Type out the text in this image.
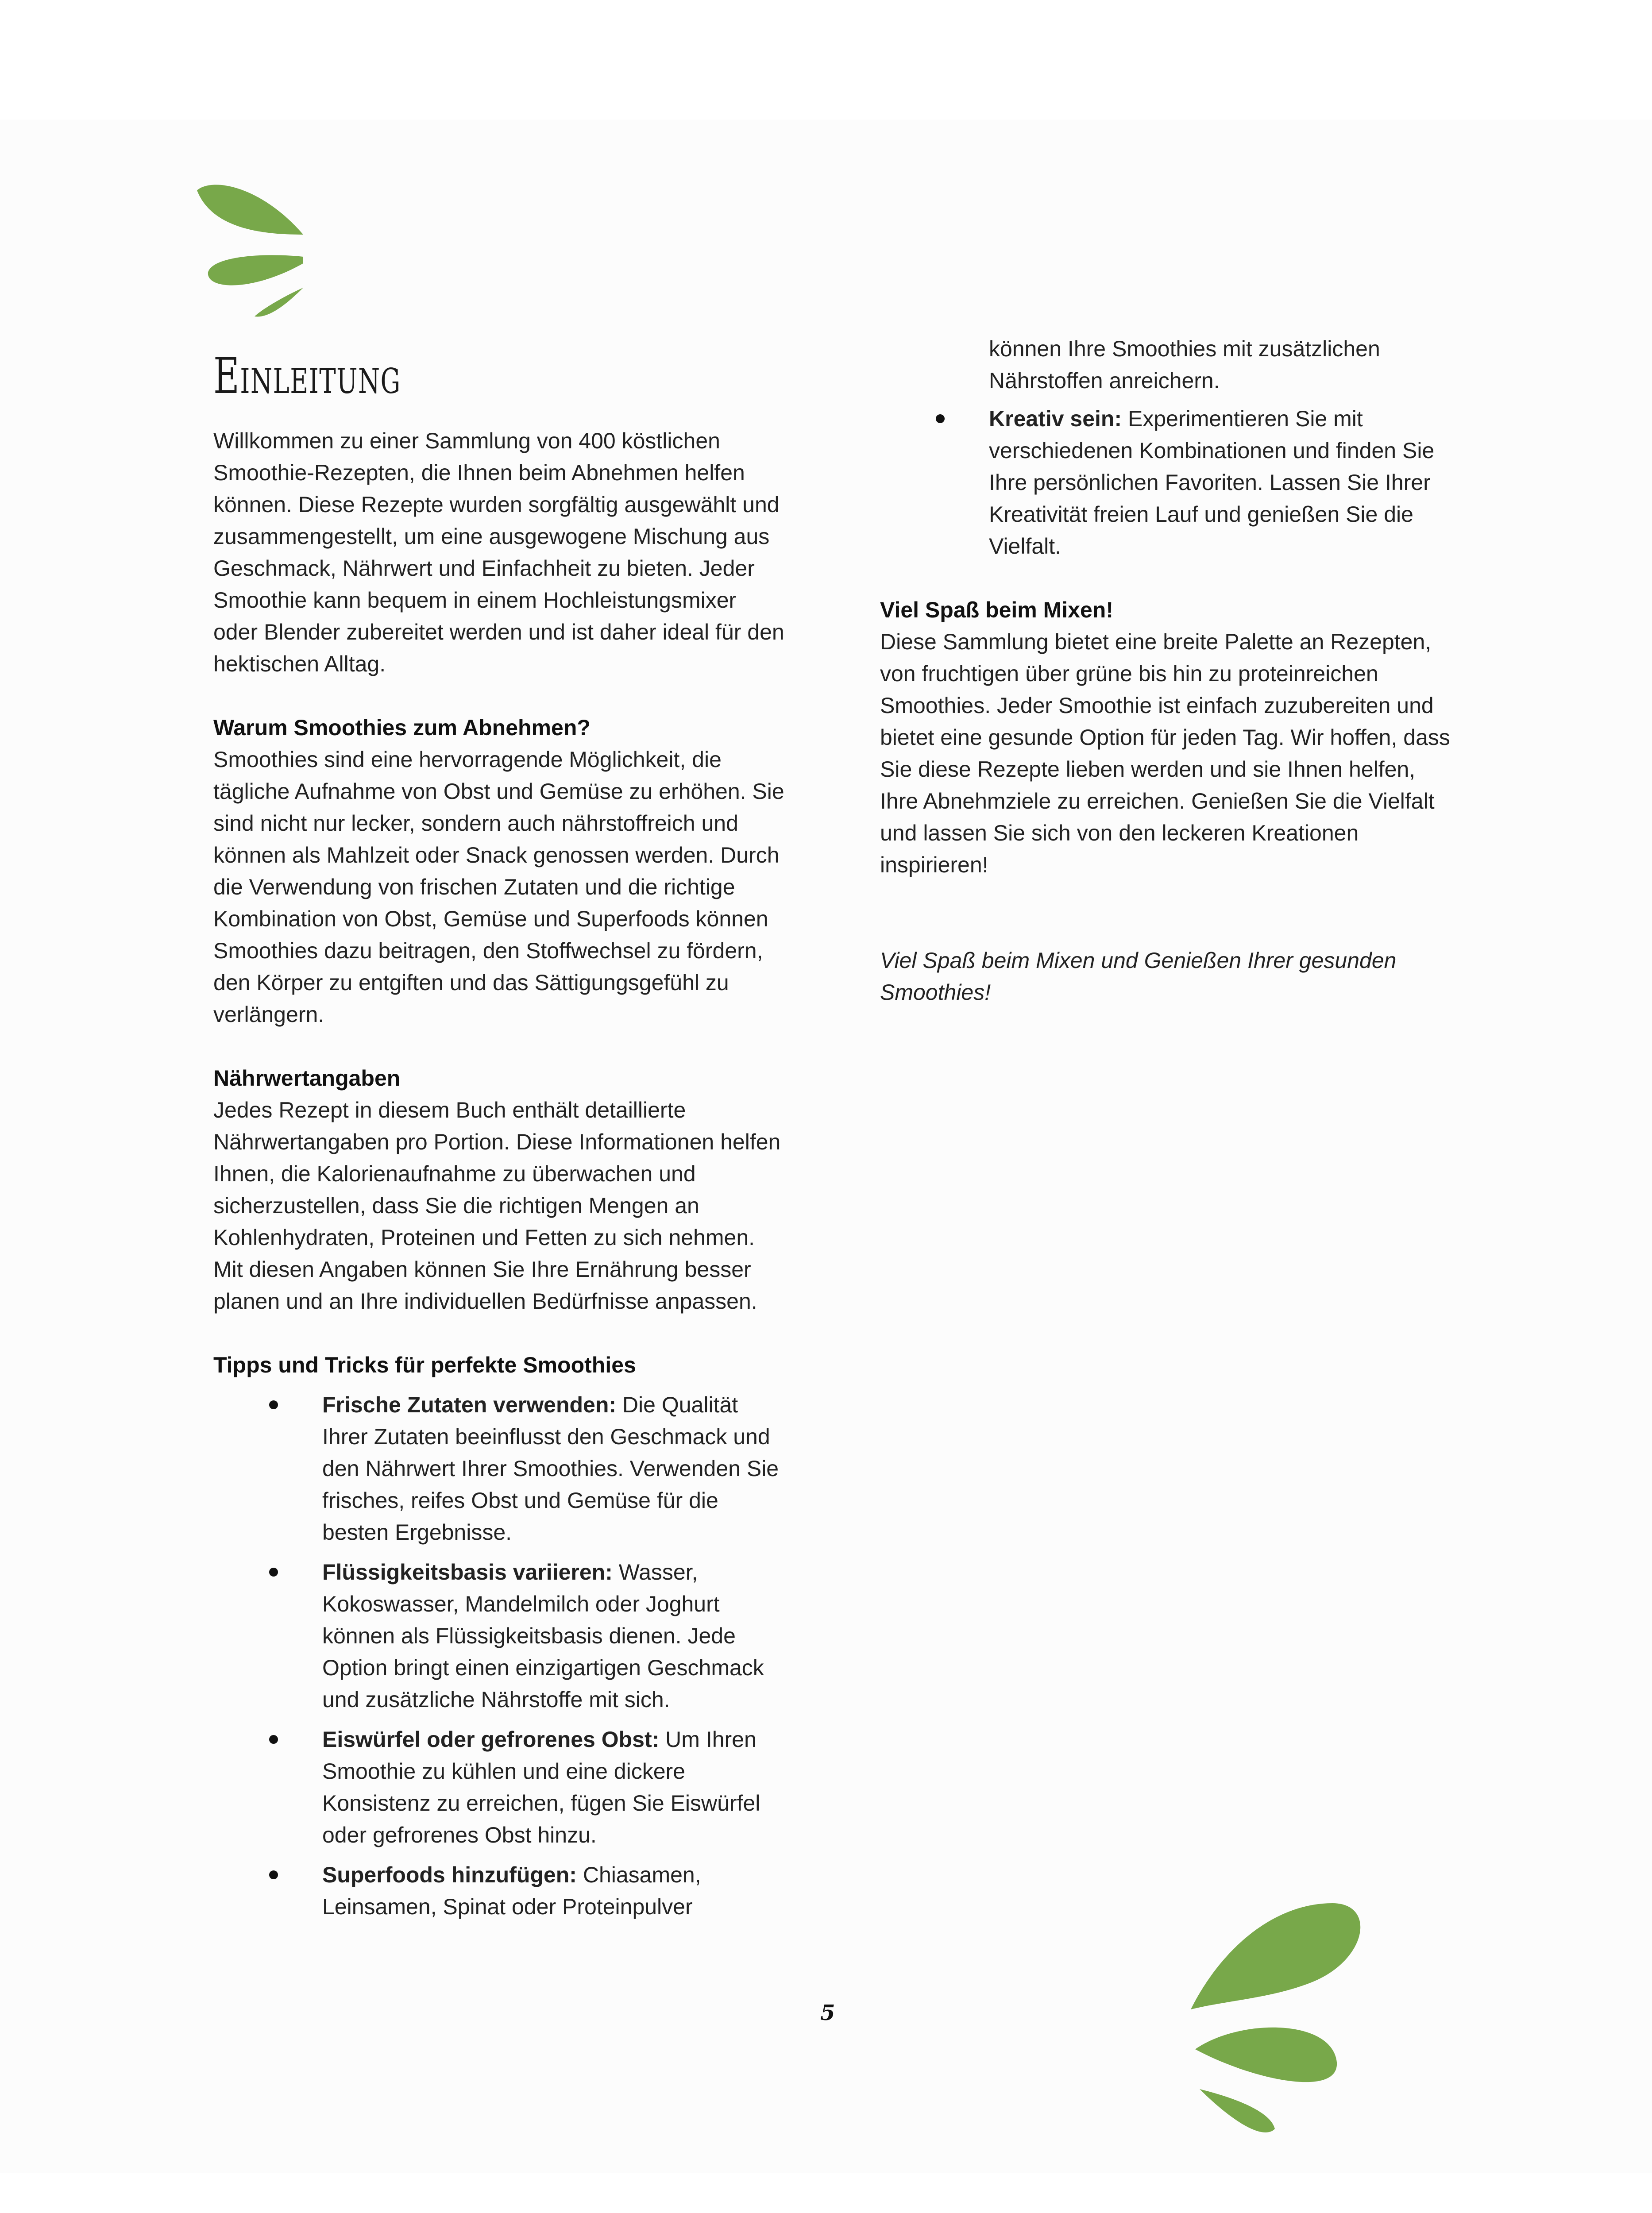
Einleitung

Willkommen zu einer Sammlung von 400 köstlichen Smoothie-Rezepten, die Ihnen beim Abnehmen helfen können. Diese Rezepte wurden sorgfältig ausgewählt und zusammengestellt, um eine ausgewogene Mischung aus Geschmack, Nährwert und Einfachheit zu bieten. Jeder Smoothie kann bequem in einem Hochleistungsmixer oder Blender zubereitet werden und ist daher ideal für den hektischen Alltag.

Warum Smoothies zum Abnehmen?

Smoothies sind eine hervorragende Möglichkeit, die tägliche Aufnahme von Obst und Gemüse zu erhöhen. Sie sind nicht nur lecker, sondern auch nährstoffreich und können als Mahlzeit oder Snack genossen werden. Durch die Verwendung von frischen Zutaten und die richtige Kombination von Obst, Gemüse und Superfoods können Smoothies dazu beitragen, den Stoffwechsel zu fördern, den Körper zu entgiften und das Sättigungsgefühl zu verlängern.

Nährwertangaben

Jedes Rezept in diesem Buch enthält detaillierte Nährwertangaben pro Portion. Diese Informationen helfen Ihnen, die Kalorienaufnahme zu überwachen und sicherzustellen, dass Sie die richtigen Mengen an Kohlenhydraten, Proteinen und Fetten zu sich nehmen. Mit diesen Angaben können Sie Ihre Ernährung besser planen und an Ihre individuellen Bedürfnisse anpassen.

Tipps und Tricks für perfekte Smoothies

Frische Zutaten verwenden: Die Qualität Ihrer Zutaten beeinflusst den Geschmack und den Nährwert Ihrer Smoothies. Verwenden Sie frisches, reifes Obst und Gemüse für die besten Ergebnisse.
Flüssigkeitsbasis variieren: Wasser, Kokoswasser, Mandelmilch oder Joghurt können als Flüssigkeitsbasis dienen. Jede Option bringt einen einzigartigen Geschmack und zusätzliche Nährstoffe mit sich.
Eiswürfel oder gefrorenes Obst: Um Ihren Smoothie zu kühlen und eine dickere Konsistenz zu erreichen, fügen Sie Eiswürfel oder gefrorenes Obst hinzu.
Superfoods hinzufügen: Chiasamen, Leinsamen, Spinat oder Proteinpulver

können Ihre Smoothies mit zusätzlichen Nährstoffen anreichern.

Kreativ sein: Experimentieren Sie mit verschiedenen Kombinationen und finden Sie Ihre persönlichen Favoriten. Lassen Sie Ihrer Kreativität freien Lauf und genießen Sie die Vielfalt.

Viel Spaß beim Mixen!

Diese Sammlung bietet eine breite Palette an Rezepten, von fruchtigen über grüne bis hin zu proteinreichen Smoothies. Jeder Smoothie ist einfach zuzubereiten und bietet eine gesunde Option für jeden Tag. Wir hoffen, dass Sie diese Rezepte lieben werden und sie Ihnen helfen, Ihre Abnehmziele zu erreichen. Genießen Sie die Vielfalt und lassen Sie sich von den leckeren Kreationen inspirieren!

Viel Spaß beim Mixen und Genießen Ihrer gesunden Smoothies!

5
